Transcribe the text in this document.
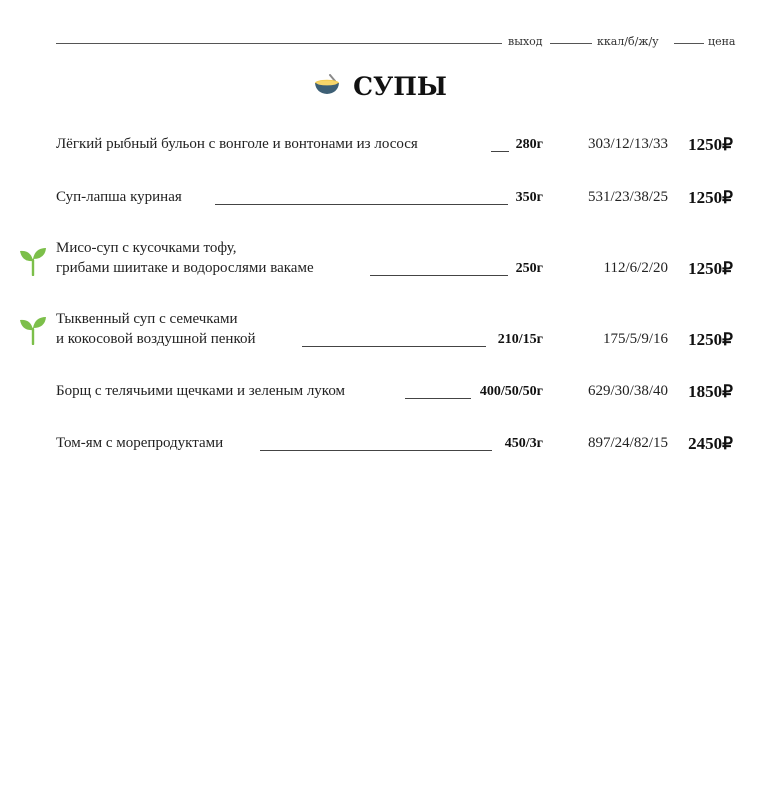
выход	ккал/б/ж/у	цена
СУПЫ
Лёгкий рыбный бульон с вонголе и вонтонами из лосося	280г	303/12/13/33 1250₽
Суп-лапша куриная	350г	531/23/38/25 1250₽
Мисо-суп с кусочками тофу,
грибами шиитаке и водорослями вакаме	250г	112/6/2/20 1250₽
Тыквенный суп с семечками
и кокосовой воздушной пенкой	210/15г	175/5/9/16 1250₽
Борщ с телячьими щечками и зеленым луком	400/50/50г	629/30/38/40 1850₽
Том-ям с морепродуктами	450/3г	897/24/82/15 2450₽
